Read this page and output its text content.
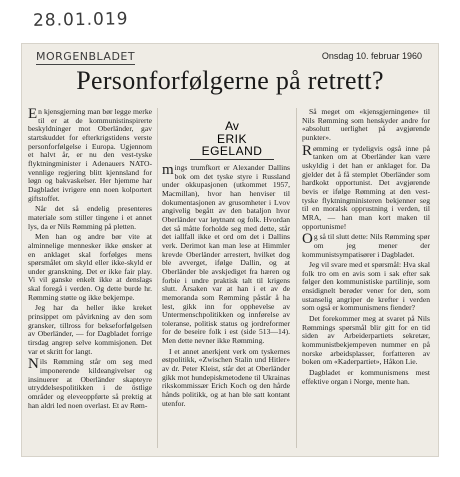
28.01.019
MORGENBLADET	Onsdag 10. februar 1960
Personforfølgerne på retrett?
Av
ERIK EGELAND

En kjensgjerning man bør legge merke til er at de kommunistinspirerte beskyldninger mot Oberländer, gav startskuddet for efterkrigstidens verste personforfølgelse i Europa. Ugjennom et halvt år, er nu den vest-tyske flyktningminister i Adenauers NATO-vennlige regjering blitt kjennsland for løgn og bakvaskelser. Her hjemme har Dagbladet ivrigere enn noen kolportert giftstoffet.

Når det så endelig presenteres materiale som stiller tingene i et annet lys, da er Nils Rømming på pletten.

Men han og andre bør vite at alminnelige mennesker ikke ønsker at en anklaget skal forfølges mens spørsmålet om skyld eller ikke-skyld er under granskning. Det er ikke fair play. Vi vil ganske enkelt ikke at denslags skal foregå i verden. Og dette burde hr. Rømming støtte og ikke bekjempe.

Jeg har da heller ikke kreket prinsippet om påvirkning av den som gransker, tillross for bekseforfølgelsen av Oberländer, — for Dagbladet forrige tirsdag angrep selve kommisjonen. Det var et skritt for langt.

Nils Rømming står om seg med imponerende kildeangivelser og insinuerer at Oberländer skapteyre utryddelsespolitikken i de östlige områder og eleveoppførte så prektig at han aldri led noen overlast. Et av Røm-

mings trumfkort er Alexander Dallins bok om det tyske styre i Russland under okkupasjonen (utkommet 1957, Macmillan), hvor han henviser til dokumentasjonen av grusomheter i Lvov angivelig begått av den bataljon hvor Oberländer var løytnant og folk. Hvordan det så måtte forholde seg med dette, står det iallfall ikke et ord om det i Dallins verk. Derimot kan man lese at Himmler krevde Oberländer arrestert, hvilket dog ble avverget, ifølge Dallin, og at Oberländer ble avskjediget fra hæren og forbie i undre praktisk talt til krigens slutt. Årsaken var at han i et av de memoranda som Rømming påstår å ha lest, gikk inn for opphevelse av Untermenschpolitikken og innførelse av toleranse, politisk status og jordreformer for de beseire folk i est (side 513—14). Men dette nevner ikke Rømming.

I et annet anerkjent verk om tyskernes østpolitikk, «Zwischen Stalin und Hitler» av dr. Peter Kleist, står det at Oberländer gikk mot hundepiskmetodene til Ukrainas rikskommissær Erich Koch og den hårde hånds politikk, og at han ble satt kontant utenfor.

Så meget om «kjensgjerningene» til Nils Rømming som henskyder andre for «absolutt uerlighet på avgjørende punkter».

Rømming er tydeligvis også inne på tanken om at Oberländer kan være uskyldig i det han er anklaget for. Da gjelder det å få stemplet Oberländer som hardkokt opportunist. Det avgjørende bevis er ifølge Rømming at den vest-tyske flyktningministeren bekjenner seg til en moralsk opprustning i verden, til MRA, — han man kort maken til opportunisme!

Og så til slutt dette: Nils Rømming spør om jeg mener der kommunistsympatisører i Dagbladet.

Jeg vil svare med et spørsmål: Hva skal folk tro om en avis som i sak efter sak følger den kommunistiske partilinje, som ensidignelt berøder vener for den, som ustanselig angriper de krefter i verden som også er kommunismens fiender?

Det forekommer meg at svaret på Nils Rømmings spørsmål blir gitt for en tid siden av Arbeiderpartiets sekretær, kommunistbekjempeven nummer en på norske arbeidsplasser, forfatteren av boken om «Kaderpartiet», Håkon Lie.

Dagbladet er kommunismens mest effektive organ i Norge, mente han.
